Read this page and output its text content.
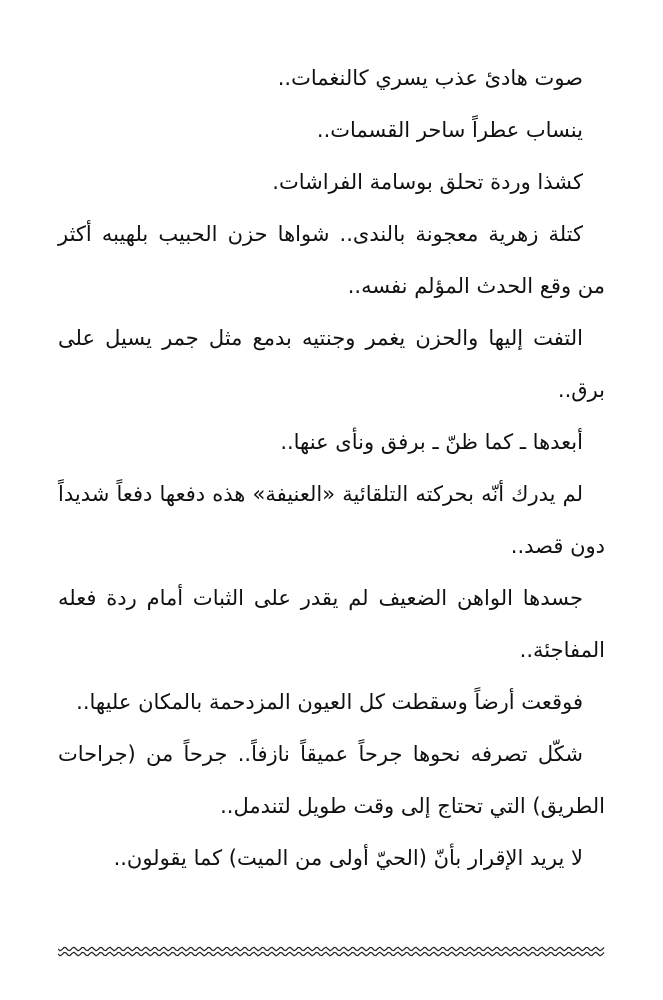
صوت هادئ عذب يسري كالنغمات..

ينساب عطراً ساحر القسمات..

كشذا وردة تحلق بوسامة الفراشات.

كتلة زهرية معجونة بالندى.. شواها حزن الحبيب بلهيبه أكثر من وقع الحدث المؤلم نفسه..

التفت إليها والحزن يغمر وجنتيه بدمع مثل جمر يسيل على برق..

أبعدها ـ كما ظنّ ـ برفق ونأى عنها..

لم يدرك أنّه بحركته التلقائية «العنيفة» هذه دفعها دفعاً شديداً دون قصد..

جسدها الواهن الضعيف لم يقدر على الثبات أمام ردة فعله المفاجئة..

فوقعت أرضاً وسقطت كل العيون المزدحمة بالمكان عليها..

شكّل تصرفه نحوها جرحاً عميقاً نازفاً.. جرحاً من (جراحات الطريق) التي تحتاج إلى وقت طويل لتندمل..

لا يريد الإقرار بأنّ (الحيّ أولى من الميت) كما يقولون..
